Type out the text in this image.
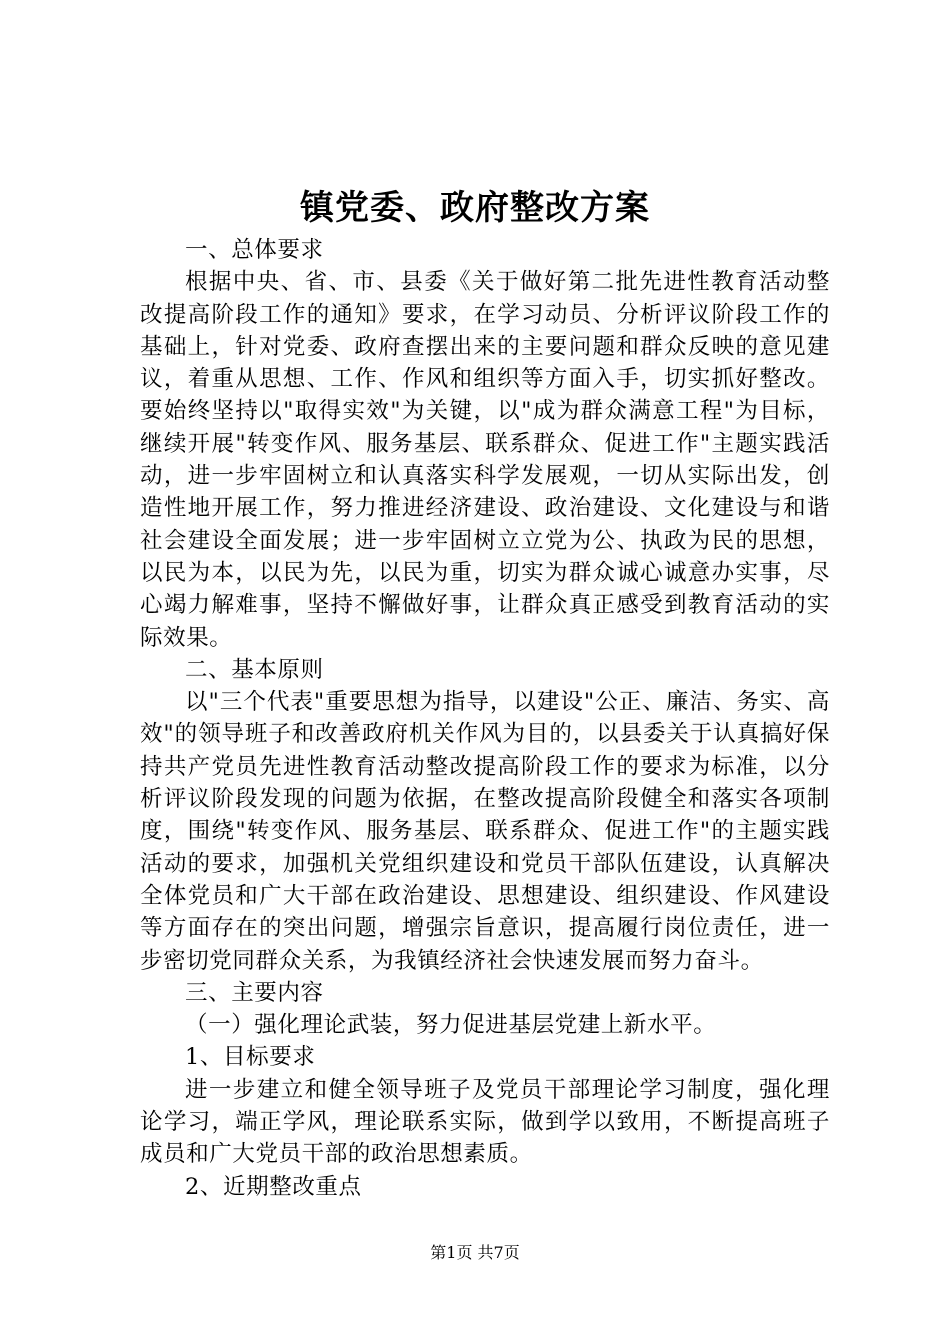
镇党委、政府整改方案

一、总体要求

根据中央、省、市、县委《关于做好第二批先进性教育活动整改提高阶段工作的通知》要求，在学习动员、分析评议阶段工作的基础上，针对党委、政府查摆出来的主要问题和群众反映的意见建议，着重从思想、工作、作风和组织等方面入手，切实抓好整改。要始终坚持以"取得实效"为关键，以"成为群众满意工程"为目标，继续开展"转变作风、服务基层、联系群众、促进工作"主题实践活动，进一步牢固树立和认真落实科学发展观，一切从实际出发，创造性地开展工作，努力推进经济建设、政治建设、文化建设与和谐社会建设全面发展；进一步牢固树立立党为公、执政为民的思想，以民为本，以民为先，以民为重，切实为群众诚心诚意办实事，尽心竭力解难事，坚持不懈做好事，让群众真正感受到教育活动的实际效果。

二、基本原则

以"三个代表"重要思想为指导，以建设"公正、廉洁、务实、高效"的领导班子和改善政府机关作风为目的，以县委关于认真搞好保持共产党员先进性教育活动整改提高阶段工作的要求为标准，以分析评议阶段发现的问题为依据，在整改提高阶段健全和落实各项制度，围绕"转变作风、服务基层、联系群众、促进工作"的主题实践活动的要求，加强机关党组织建设和党员干部队伍建设，认真解决全体党员和广大干部在政治建设、思想建设、组织建设、作风建设等方面存在的突出问题，增强宗旨意识，提高履行岗位责任，进一步密切党同群众关系，为我镇经济社会快速发展而努力奋斗。

三、主要内容

（一）强化理论武装，努力促进基层党建上新水平。

1、目标要求

进一步建立和健全领导班子及党员干部理论学习制度，强化理论学习，端正学风，理论联系实际，做到学以致用，不断提高班子成员和广大党员干部的政治思想素质。

2、近期整改重点

第1页 共7页
